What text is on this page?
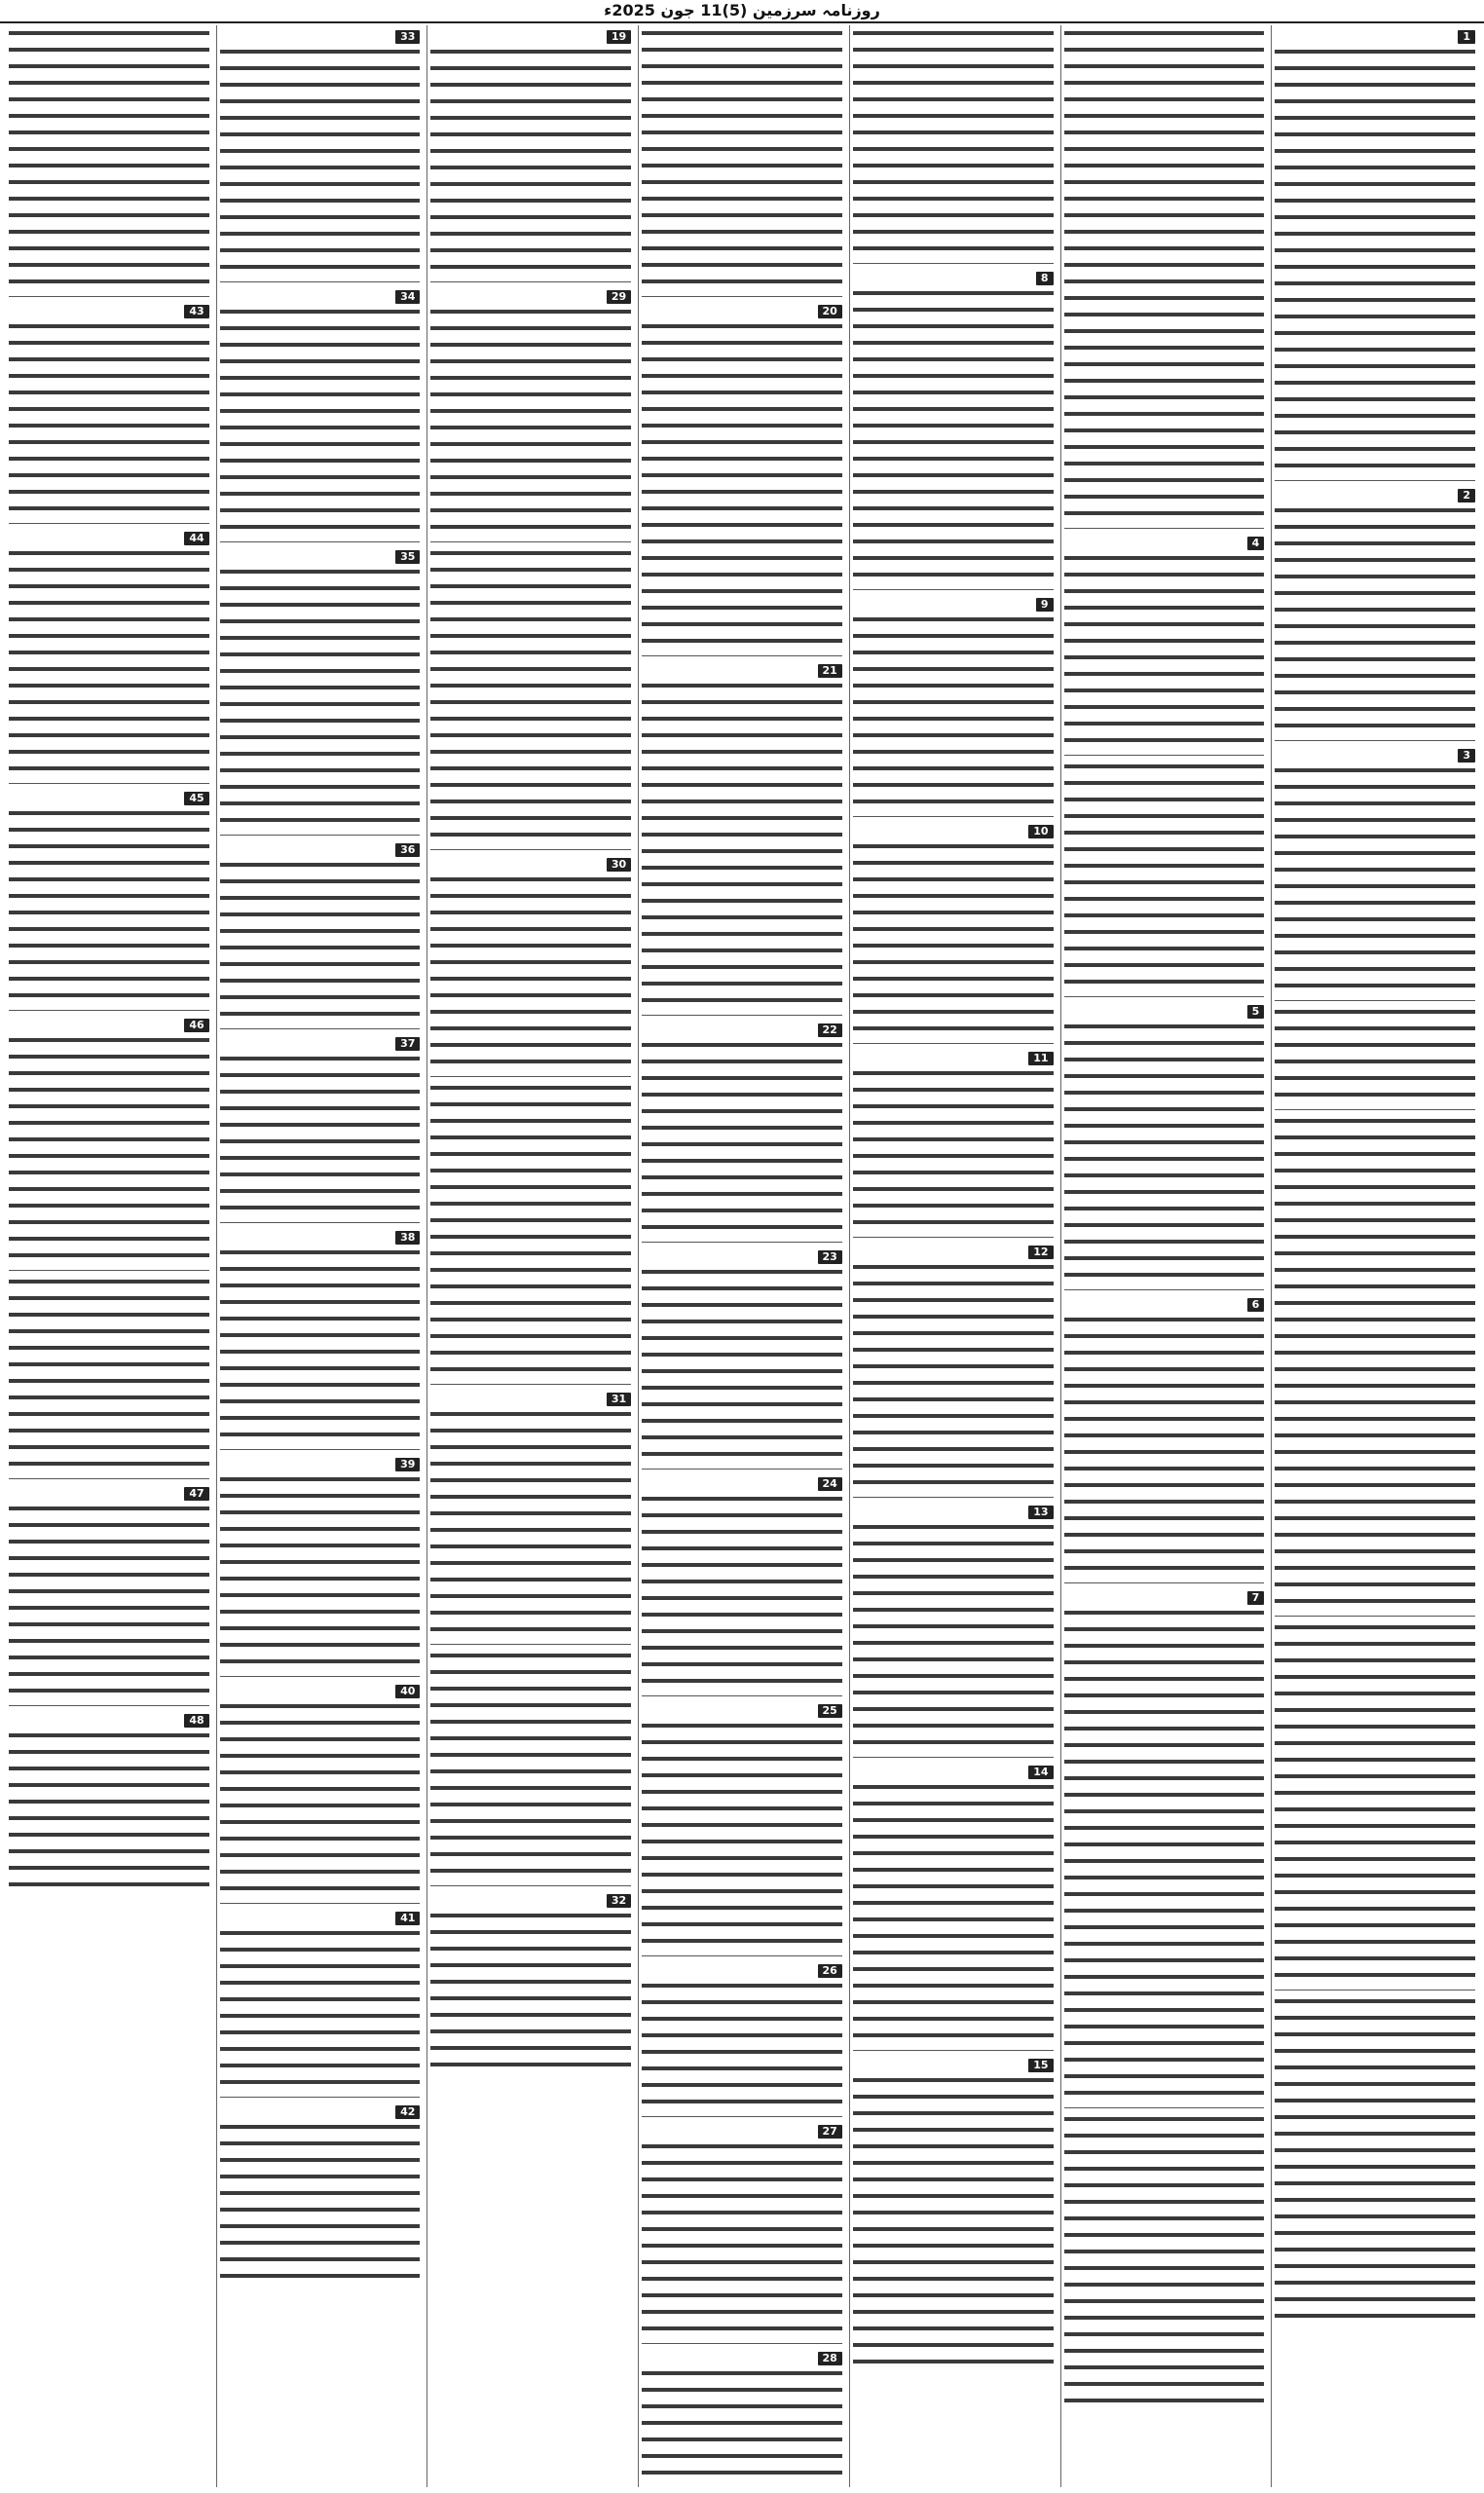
روزنامہ سرزمین (5)11 جون 2025ء
1
2
3
4
5
6
7
8
9
10
11
12
13
14
15
20
21
22
23
24
25
26
27
28
19
29
30
31
32
33
34
35
36
37
38
39
40
41
42
43
44
45
46
47
48
